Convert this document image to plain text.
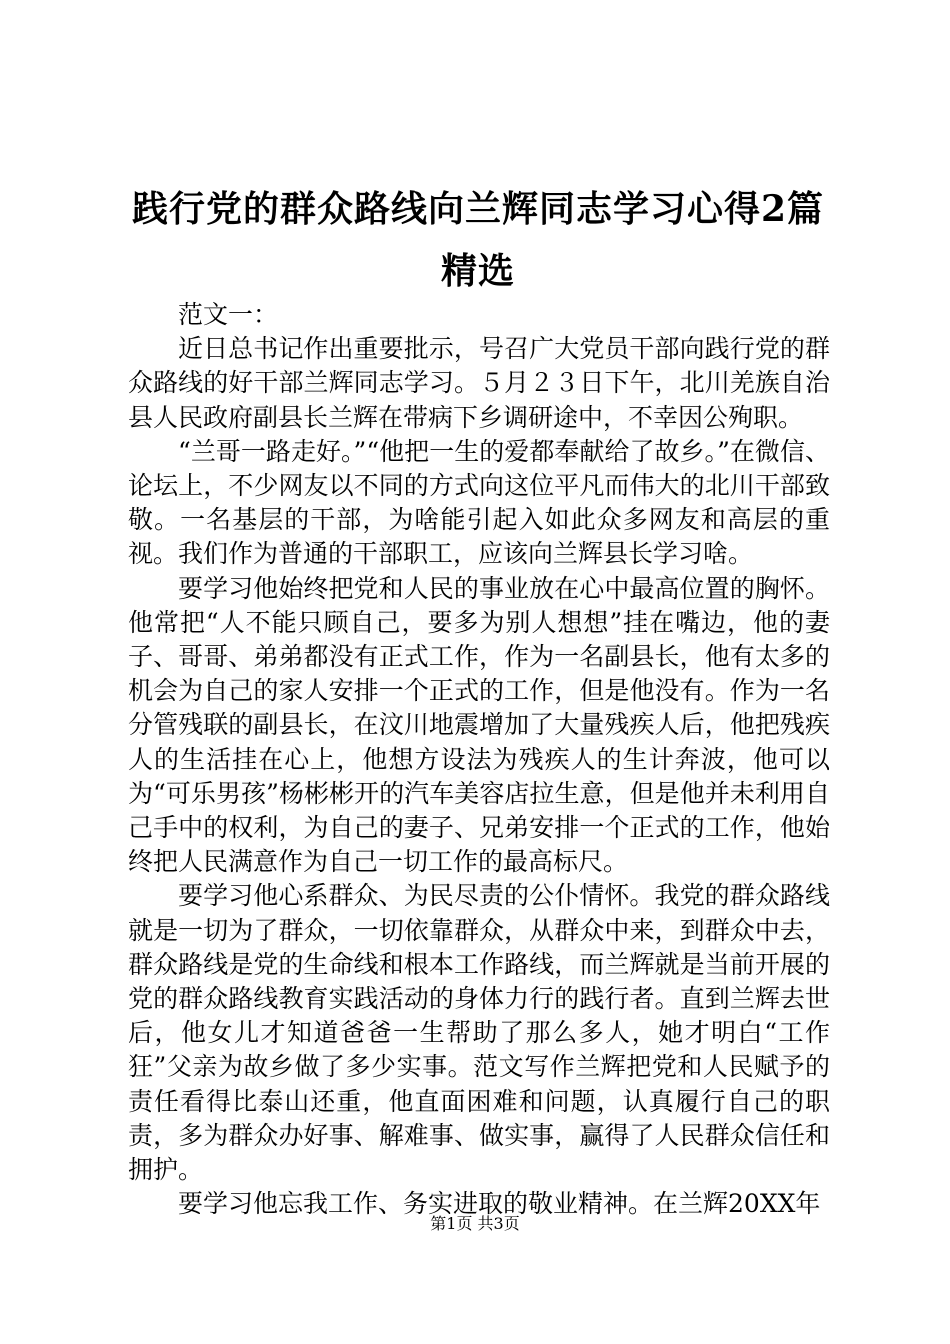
践行党的群众路线向兰辉同志学习心得2篇精选

范文一：

近日总书记作出重要批示，号召广大党员干部向践行党的群众路线的好干部兰辉同志学习。５月２３日下午，北川羌族自治县人民政府副县长兰辉在带病下乡调研途中，不幸因公殉职。

“兰哥一路走好。”“他把一生的爱都奉献给了故乡。”在微信、论坛上，不少网友以不同的方式向这位平凡而伟大的北川干部致敬。一名基层的干部，为啥能引起入如此众多网友和高层的重视。我们作为普通的干部职工，应该向兰辉县长学习啥。

要学习他始终把党和人民的事业放在心中最高位置的胸怀。他常把“人不能只顾自己，要多为别人想想”挂在嘴边，他的妻子、哥哥、弟弟都没有正式工作，作为一名副县长，他有太多的机会为自己的家人安排一个正式的工作，但是他没有。作为一名分管残联的副县长，在汶川地震增加了大量残疾人后，他把残疾人的生活挂在心上，他想方设法为残疾人的生计奔波，他可以为“可乐男孩”杨彬彬开的汽车美容店拉生意，但是他并未利用自己手中的权利，为自己的妻子、兄弟安排一个正式的工作，他始终把人民满意作为自己一切工作的最高标尺。

要学习他心系群众、为民尽责的公仆情怀。我党的群众路线就是一切为了群众，一切依靠群众，从群众中来，到群众中去，群众路线是党的生命线和根本工作路线，而兰辉就是当前开展的党的群众路线教育实践活动的身体力行的践行者。直到兰辉去世后，他女儿才知道爸爸一生帮助了那么多人，她才明白“工作狂”父亲为故乡做了多少实事。范文写作兰辉把党和人民赋予的责任看得比泰山还重，他直面困难和问题，认真履行自己的职责，多为群众办好事、解难事、做实事，赢得了人民群众信任和拥护。

要学习他忘我工作、务实进取的敬业精神。在兰辉20XX年

第1页 共3页
